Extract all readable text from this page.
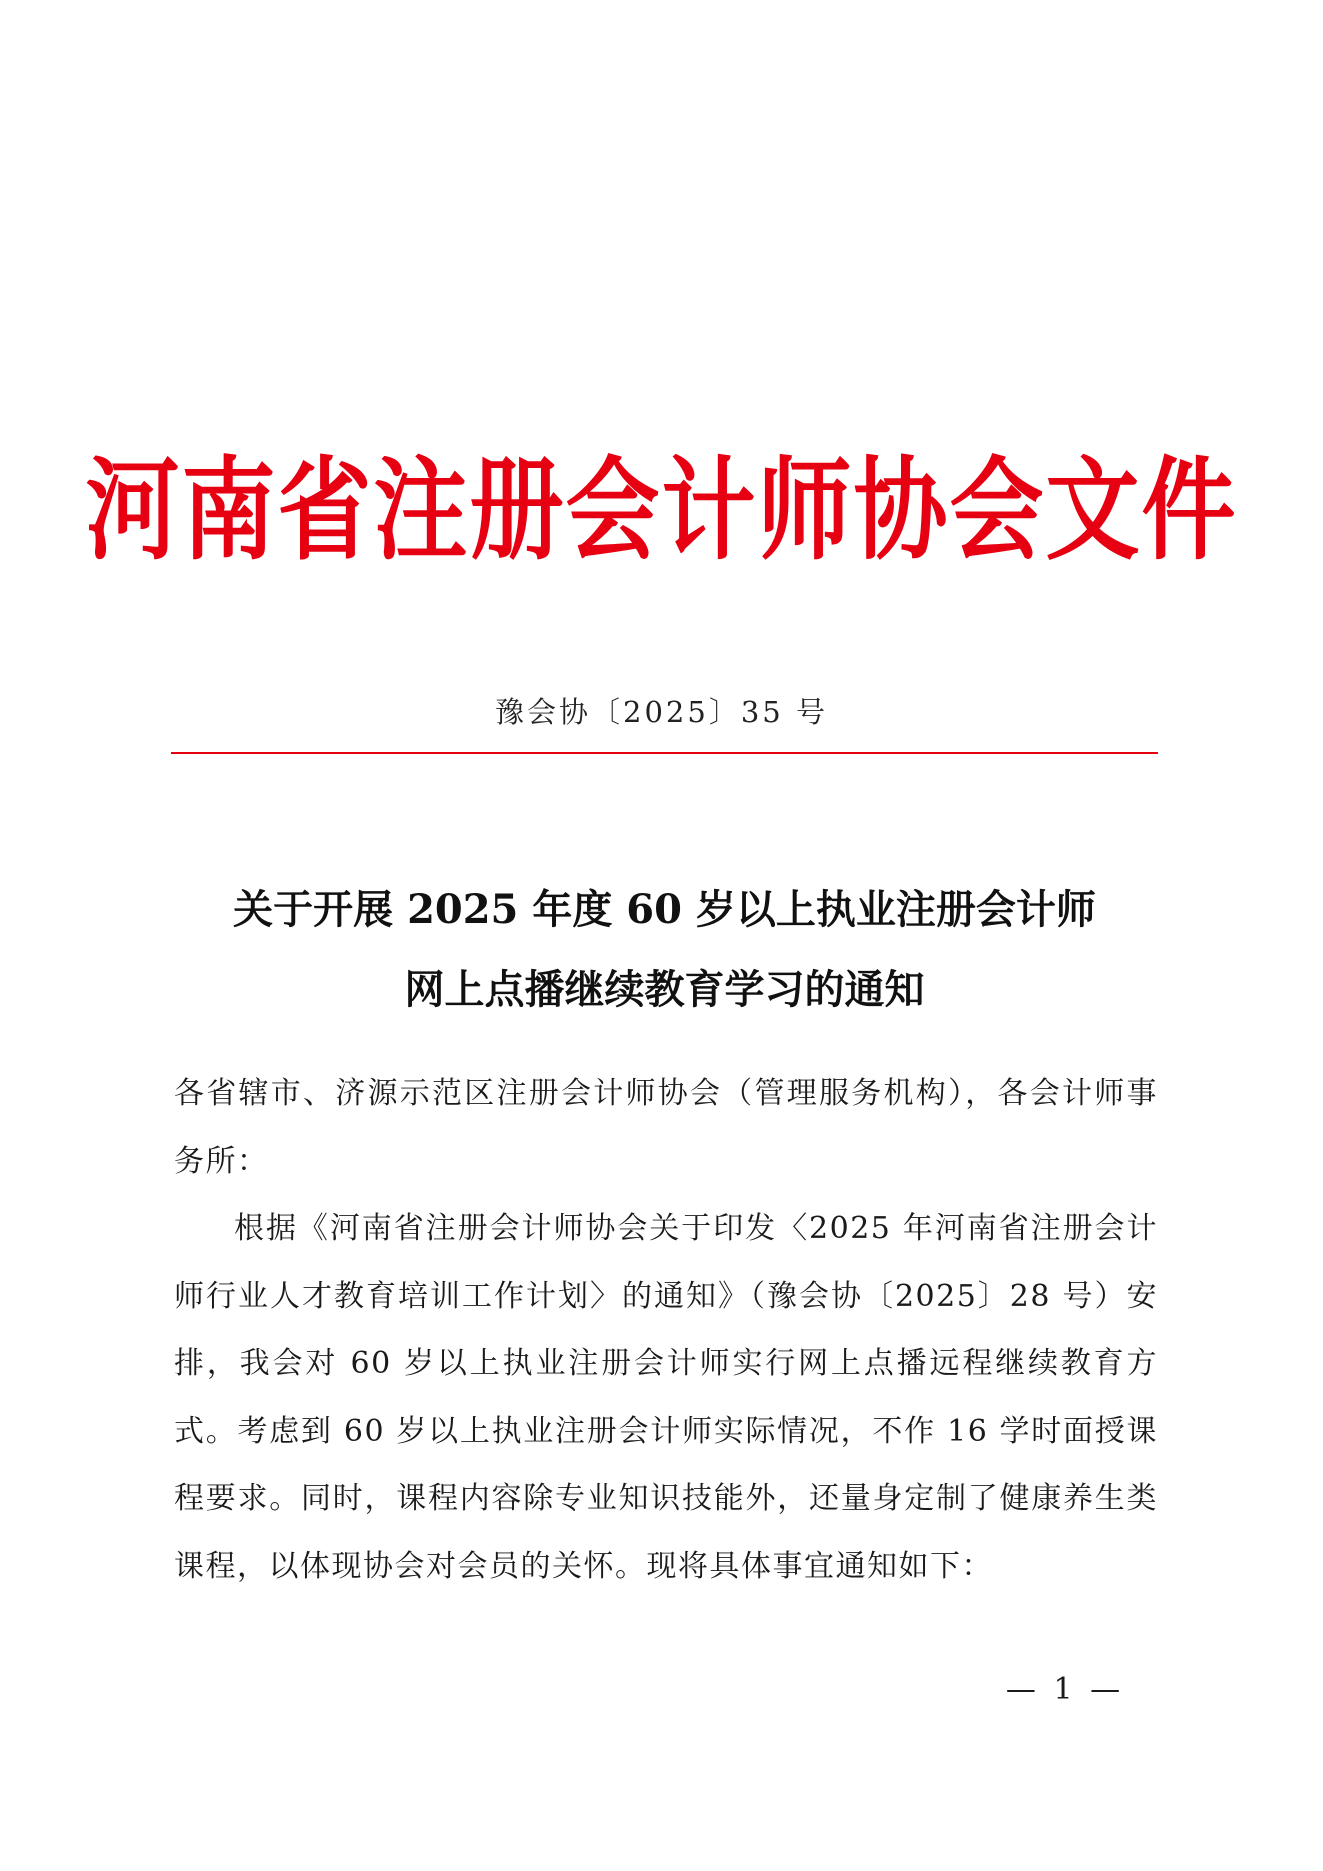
河南省注册会计师协会文件
豫会协〔2025〕35 号
关于开展 2025 年度 60 岁以上执业注册会计师
网上点播继续教育学习的通知

各省辖市、济源示范区注册会计师协会（管理服务机构），各会计师事务所：

根据《河南省注册会计师协会关于印发〈2025 年河南省注册会计师行业人才教育培训工作计划〉的通知》（豫会协〔2025〕28 号）安排，我会对 60 岁以上执业注册会计师实行网上点播远程继续教育方式。考虑到 60 岁以上执业注册会计师实际情况，不作 16 学时面授课程要求。同时，课程内容除专业知识技能外，还量身定制了健康养生类课程，以体现协会对会员的关怀。现将具体事宜通知如下：

— 1 —
